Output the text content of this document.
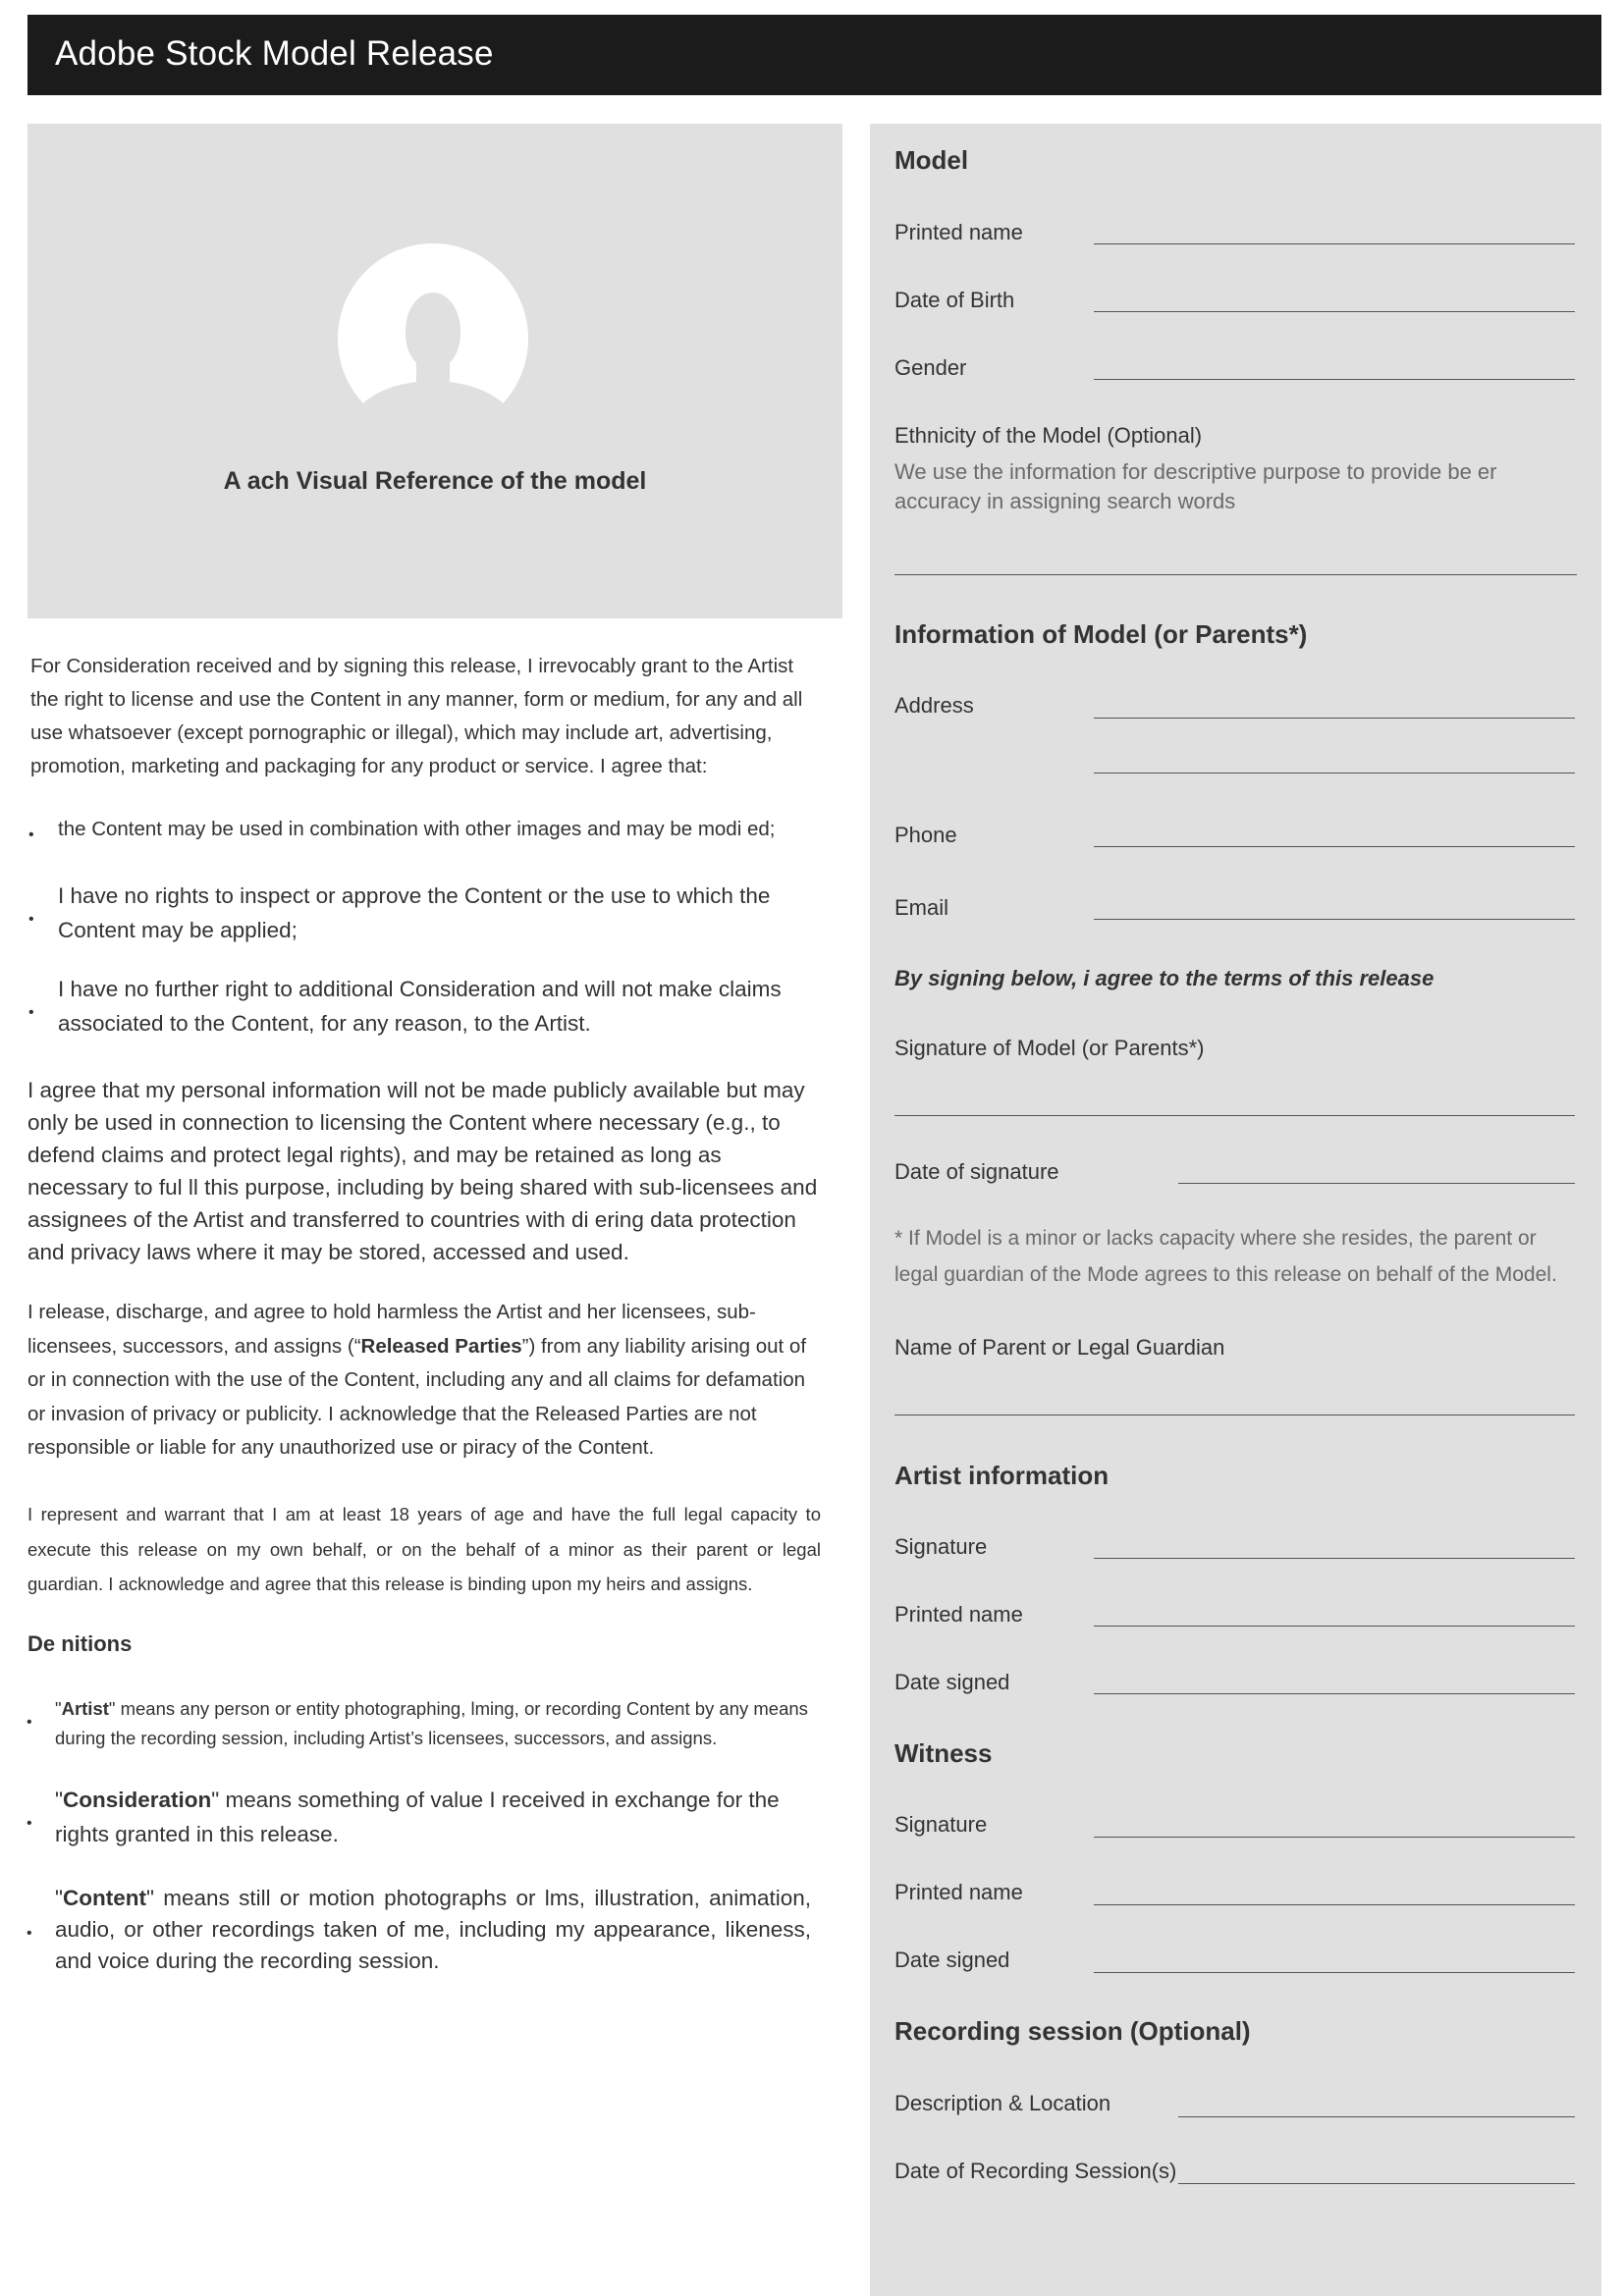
Adobe Stock Model Release
A ach Visual Reference of the model
For Consideration received and by signing this release, I irrevocably grant to the Artist the right to license and use the Content in any manner, form or medium, for any and all use whatsoever (except pornographic or illegal), which may include art, advertising, promotion, marketing and packaging for any product or service. I agree that:
• the Content may be used in combination with other images and may be modi ed;
•
I have no rights to inspect or approve the Content or the use to which the Content may be applied;
•
I have no further right to additional Consideration and will not make claims associated to the Content, for any reason, to the Artist.
I agree that my personal information will not be made publicly available but may only be used in connection to licensing the Content where necessary (e.g., to defend claims and protect legal rights), and may be retained as long as necessary to ful ll this purpose, including by being shared with sub-licensees and assignees of the Artist and transferred to countries with di ering data protection and privacy laws where it may be stored, accessed and used.
I release, discharge, and agree to hold harmless the Artist and her licensees, sub-licensees, successors, and assigns (“Released Parties”) from any liability arising out of or in connection with the use of the Content, including any and all claims for defamation or invasion of privacy or publicity. I acknowledge that the Released Parties are not responsible or liable for any unauthorized use or piracy of the Content.
I represent and warrant that I am at least 18 years of age and have the full legal capacity to execute this release on my own behalf, or on the behalf of a minor as their parent or legal guardian. I acknowledge and agree that this release is binding upon my heirs and assigns.
De nitions
•
"Artist" means any person or entity photographing, lming, or recording Content by any means during the recording session, including Artist’s licensees, successors, and assigns.
•
"Consideration" means something of value I received in exchange for the rights granted in this release.
•
"Content" means still or motion photographs or lms, illustration, animation, audio, or other recordings taken of me, including my appearance, likeness, and voice during the recording session.
Model
Printed name
Date of Birth
Gender
Ethnicity of the Model (Optional)
We use the information for descriptive purpose to provide be er accuracy in assigning search words
Information of Model (or Parents*)
Address
Phone
Email
By signing below, i agree to the terms of this release
Signature of Model (or Parents*)
Date of signature
* If Model is a minor or lacks capacity where she resides, the parent or legal guardian of the Mode agrees to this release on behalf of the Model.
Name of Parent or Legal Guardian
Artist information
Signature
Printed name
Date signed
Witness
Signature
Printed name
Date signed
Recording session (Optional)
Description & Location
Date of Recording Session(s)
